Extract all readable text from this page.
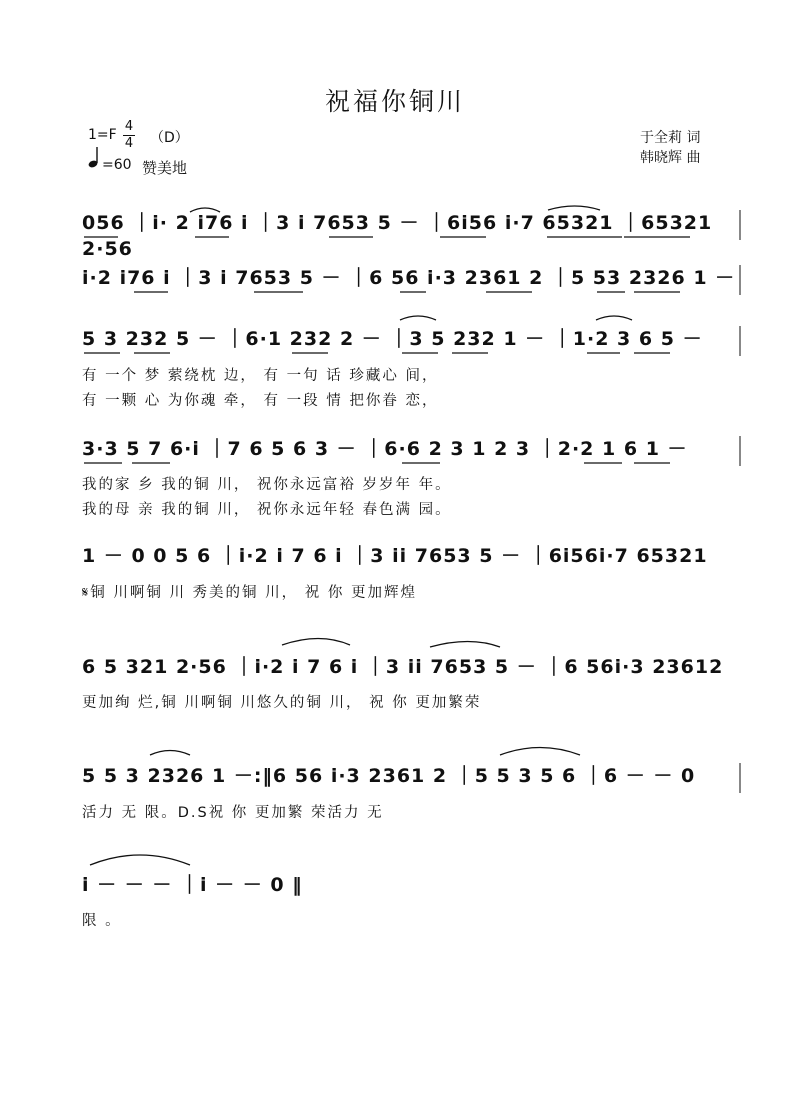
祝福你铜川
1=F
4
4 （D）
=60 赞美地
于全莉 词
韩晓辉 曲
056 ｜i· 2 i76 i ｜3 i 7653 5 － ｜6i56 i·7 65321 ｜65321 2·56
i·2 i76 i ｜3 i 7653 5 － ｜6 56 i·3 2361 2 ｜5 53 2326 1 －
5 3 232 5 － ｜6·1 232 2 － ｜3 5 232 1 － ｜1·2 3 6 5 －
有 一个 梦 萦绕枕 边， 有 一句 话 珍藏心 间，
有 一颗 心 为你魂 牵， 有 一段 情 把你眷 恋，
3·3 5 7 6·i ｜7 6 5 6 3 － ｜6·6 2 3 1 2 3 ｜2·2 1 6 1 －
我的家 乡 我的铜 川， 祝你永远富裕 岁岁年 年。
我的母 亲 我的铜 川， 祝你永远年轻 春色满 园。
1 － 0 0 5 6 ｜i·2 i 7 6 i ｜3 ii 7653 5 － ｜6i56i·7 65321
𝄋铜 川啊铜 川 秀美的铜 川， 祝 你 更加辉煌
6 5 321 2·56 ｜i·2 i 7 6 i ｜3 ii 7653 5 － ｜6 56i·3 23612
更加绚 烂,铜 川啊铜 川悠久的铜 川， 祝 你 更加繁荣
5 5 3 2326 1 －:‖6 56 i·3 2361 2 ｜5 5 3 5 6 ｜6 － － 0
活力 无 限。D.S祝 你 更加繁 荣活力 无
i － － － ｜i － － 0 ‖
限 。
